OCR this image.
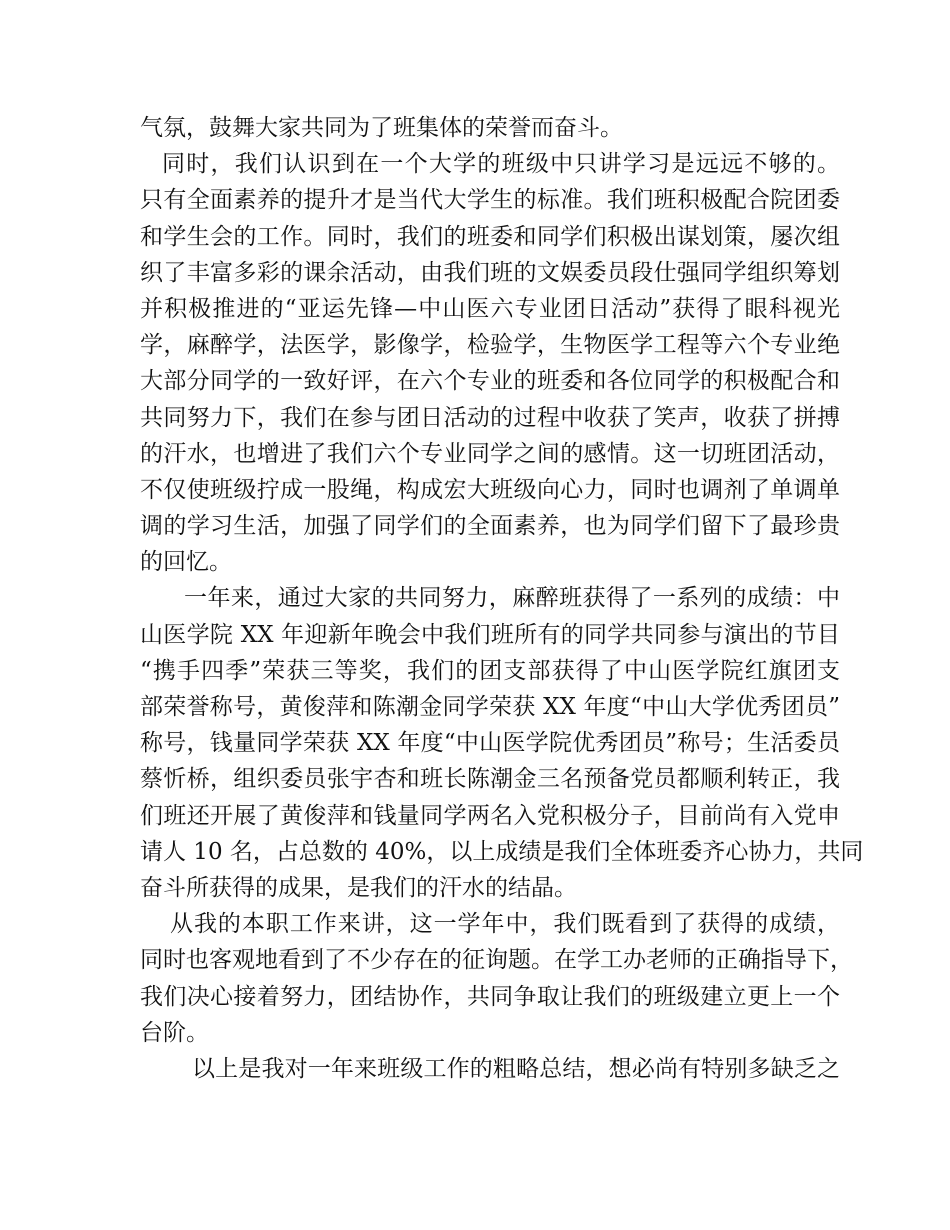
气氛，鼓舞大家共同为了班集体的荣誉而奋斗。
同时，我们认识到在一个大学的班级中只讲学习是远远不够的。
只有全面素养的提升才是当代大学生的标准。我们班积极配合院团委
和学生会的工作。同时，我们的班委和同学们积极出谋划策，屡次组
织了丰富多彩的课余活动，由我们班的文娱委员段仕强同学组织筹划
并积极推进的“亚运先锋—中山医六专业团日活动”获得了眼科视光
学，麻醉学，法医学，影像学，检验学，生物医学工程等六个专业绝
大部分同学的一致好评，在六个专业的班委和各位同学的积极配合和
共同努力下，我们在参与团日活动的过程中收获了笑声，收获了拼搏
的汗水，也增进了我们六个专业同学之间的感情。这一切班团活动，
不仅使班级拧成一股绳，构成宏大班级向心力，同时也调剂了单调单
调的学习生活，加强了同学们的全面素养，也为同学们留下了最珍贵
的回忆。
一年来，通过大家的共同努力，麻醉班获得了一系列的成绩：中
山医学院 XX 年迎新年晚会中我们班所有的同学共同参与演出的节目
“携手四季”荣获三等奖，我们的团支部获得了中山医学院红旗团支
部荣誉称号，黄俊萍和陈潮金同学荣获 XX 年度“中山大学优秀团员”
称号，钱量同学荣获 XX 年度“中山医学院优秀团员”称号；生活委员
蔡忻桥，组织委员张宇杏和班长陈潮金三名预备党员都顺利转正，我
们班还开展了黄俊萍和钱量同学两名入党积极分子，目前尚有入党申
请人 10 名，占总数的 40%，以上成绩是我们全体班委齐心协力，共同
奋斗所获得的成果，是我们的汗水的结晶。
从我的本职工作来讲，这一学年中，我们既看到了获得的成绩，
同时也客观地看到了不少存在的征询题。在学工办老师的正确指导下，
我们决心接着努力，团结协作，共同争取让我们的班级建立更上一个
台阶。
以上是我对一年来班级工作的粗略总结，想必尚有特别多缺乏之
